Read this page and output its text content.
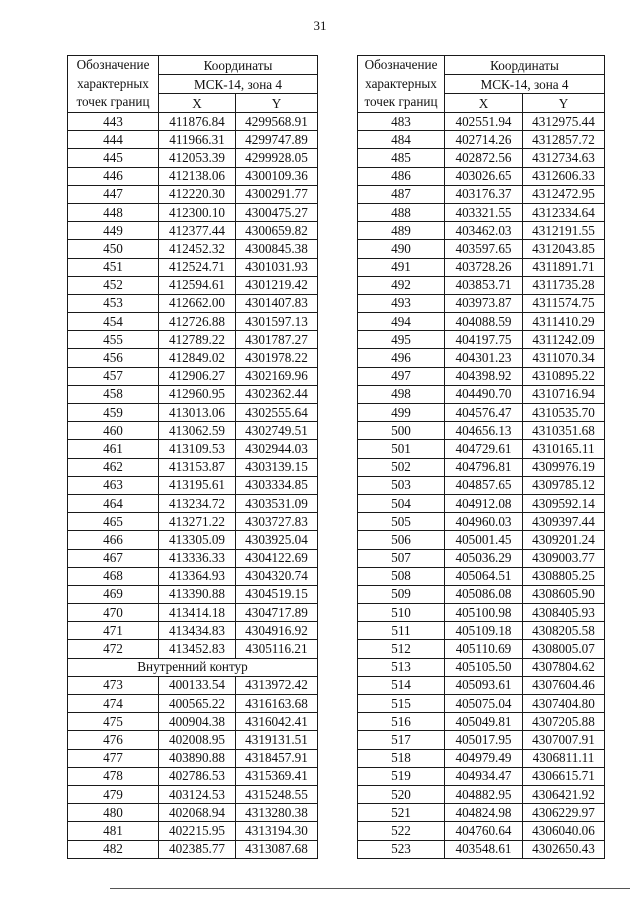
31
Обозначение
характерных
точек границ	Координаты	
	МСК-14, зона 4	
	X	Y
443	411876.84	4299568.91
444	411966.31	4299747.89
445	412053.39	4299928.05
446	412138.06	4300109.36
447	412220.30	4300291.77
448	412300.10	4300475.27
449	412377.44	4300659.82
450	412452.32	4300845.38
451	412524.71	4301031.93
452	412594.61	4301219.42
453	412662.00	4301407.83
454	412726.88	4301597.13
455	412789.22	4301787.27
456	412849.02	4301978.22
457	412906.27	4302169.96
458	412960.95	4302362.44
459	413013.06	4302555.64
460	413062.59	4302749.51
461	413109.53	4302944.03
462	413153.87	4303139.15
463	413195.61	4303334.85
464	413234.72	4303531.09
465	413271.22	4303727.83
466	413305.09	4303925.04
467	413336.33	4304122.69
468	413364.93	4304320.74
469	413390.88	4304519.15
470	413414.18	4304717.89
471	413434.83	4304916.92
472	413452.83	4305116.21
Внутренний контур		
473	400133.54	4313972.42
474	400565.22	4316163.68
475	400904.38	4316042.41
476	402008.95	4319131.51
477	403890.88	4318457.91
478	402786.53	4315369.41
479	403124.53	4315248.55
480	402068.94	4313280.38
481	402215.95	4313194.30
482	402385.77	4313087.68
Обозначение
характерных
точек границ	Координаты	
	МСК-14, зона 4	
	X	Y
483	402551.94	4312975.44
484	402714.26	4312857.72
485	402872.56	4312734.63
486	403026.65	4312606.33
487	403176.37	4312472.95
488	403321.55	4312334.64
489	403462.03	4312191.55
490	403597.65	4312043.85
491	403728.26	4311891.71
492	403853.71	4311735.28
493	403973.87	4311574.75
494	404088.59	4311410.29
495	404197.75	4311242.09
496	404301.23	4311070.34
497	404398.92	4310895.22
498	404490.70	4310716.94
499	404576.47	4310535.70
500	404656.13	4310351.68
501	404729.61	4310165.11
502	404796.81	4309976.19
503	404857.65	4309785.12
504	404912.08	4309592.14
505	404960.03	4309397.44
506	405001.45	4309201.24
507	405036.29	4309003.77
508	405064.51	4308805.25
509	405086.08	4308605.90
510	405100.98	4308405.93
511	405109.18	4308205.58
512	405110.69	4308005.07
513	405105.50	4307804.62
514	405093.61	4307604.46
515	405075.04	4307404.80
516	405049.81	4307205.88
517	405017.95	4307007.91
518	404979.49	4306811.11
519	404934.47	4306615.71
520	404882.95	4306421.92
521	404824.98	4306229.97
522	404760.64	4306040.06
523	403548.61	4302650.43
